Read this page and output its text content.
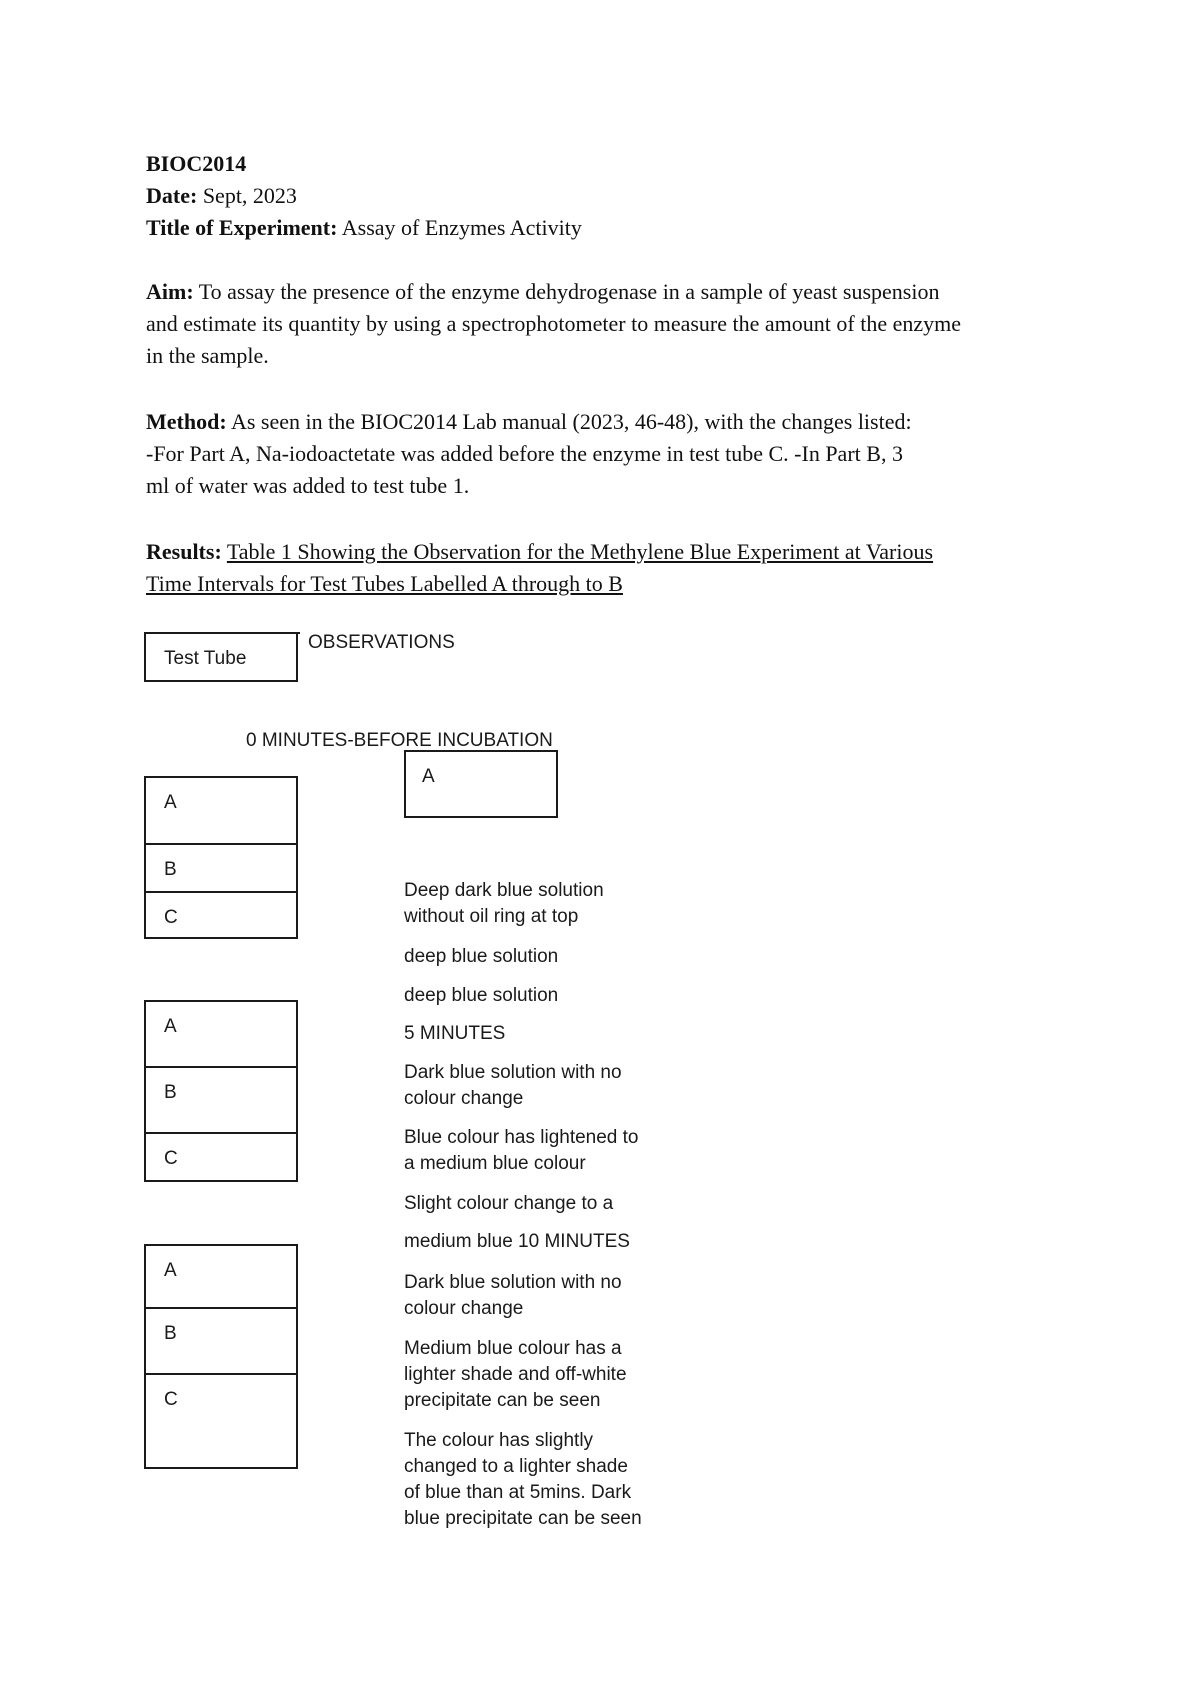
BIOC2014
Date: Sept, 2023
Title of Experiment: Assay of Enzymes Activity
Aim: To assay the presence of the enzyme dehydrogenase in a sample of yeast suspension
and estimate its quantity by using a spectrophotometer to measure the amount of the enzyme
in the sample.
Method: As seen in the BIOC2014 Lab manual (2023, 46-48), with the changes listed:
-For Part A, Na-iodoactetate was added before the enzyme in test tube C. -In Part B, 3
ml of water was added to test tube 1.
Results: Table 1 Showing the Observation for the Methylene Blue Experiment at Various
Time Intervals for Test Tubes Labelled A through to B
Test Tube
OBSERVATIONS
0 MINUTES-BEFORE INCUBATION
A
A
B
C
A
B
C
A
B
C
Deep dark blue solution
without oil ring at top
deep blue solution
deep blue solution
5 MINUTES
Dark blue solution with no
colour change
Blue colour has lightened to
a medium blue colour
Slight colour change to a
medium blue 10 MINUTES
Dark blue solution with no
colour change
Medium blue colour has a
lighter shade and off-white
precipitate can be seen
The colour has slightly
changed to a lighter shade
of blue than at 5mins. Dark
blue precipitate can be seen
